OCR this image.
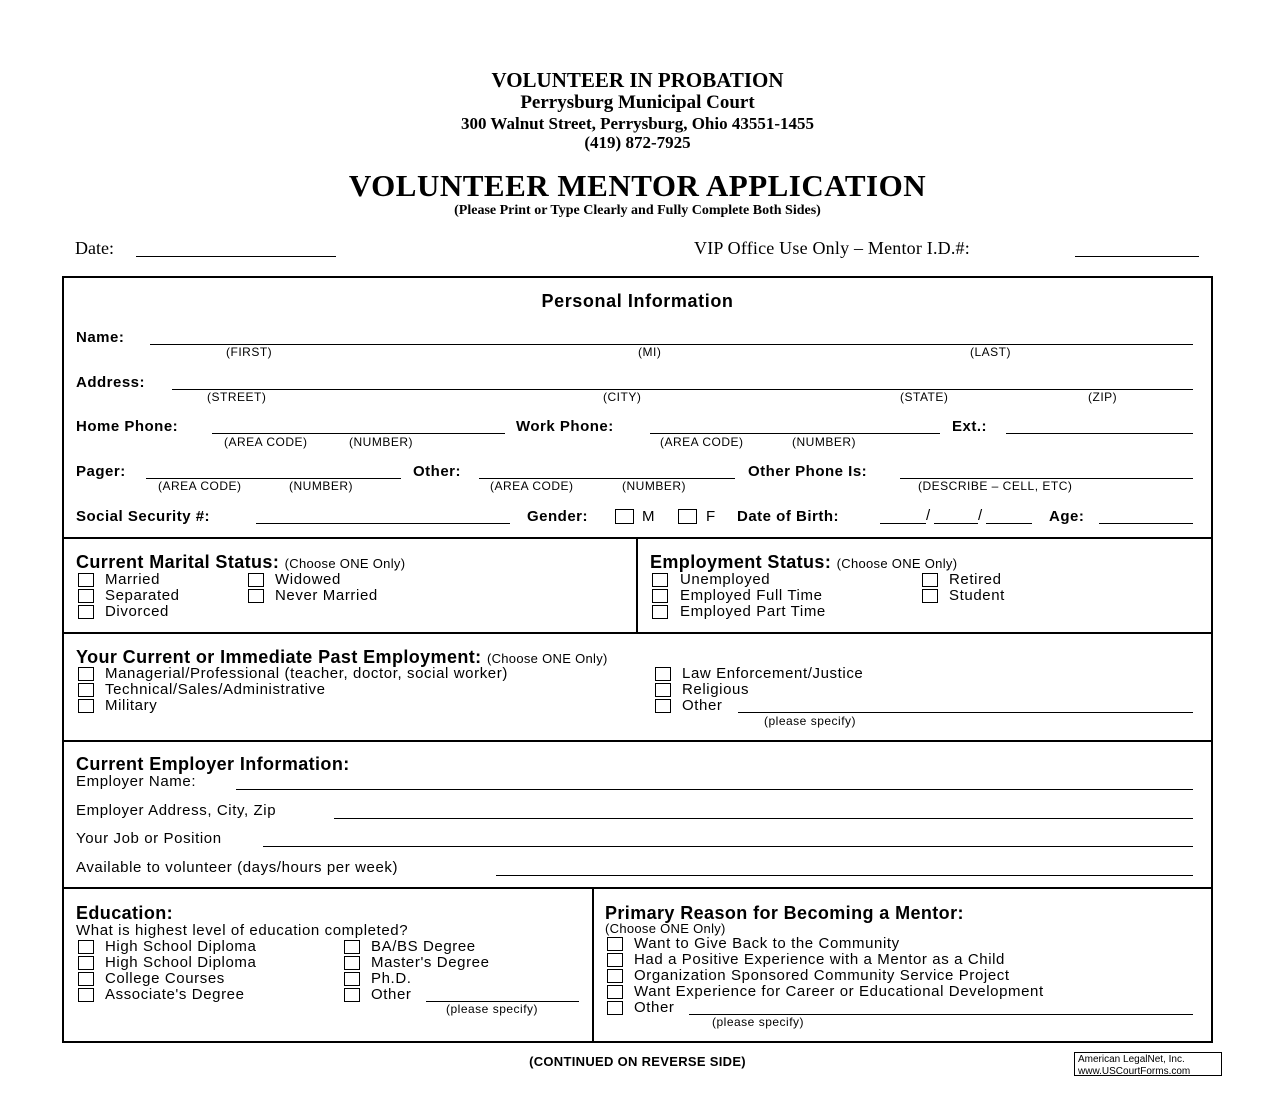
VOLUNTEER IN PROBATION
Perrysburg Municipal Court
300 Walnut Street, Perrysburg, Ohio 43551-1455
(419) 872-7925
VOLUNTEER MENTOR APPLICATION
(Please Print or Type Clearly and Fully Complete Both Sides)
Date:	VIP Office Use Only – Mentor I.D.#:
Personal Information
Name:
(FIRST)	(MI)	(LAST)
Address:
(STREET)	(CITY)	(STATE)	(ZIP)
Home Phone:
(AREA CODE)	(NUMBER)
Work Phone:
(AREA CODE)	(NUMBER)
Ext.:
Pager:
(AREA CODE)	(NUMBER)
Other:
(AREA CODE)	(NUMBER)
Other Phone Is:
(DESCRIBE – CELL, ETC)
Social Security #:	Gender:	M	F Date of Birth:	/	/	Age:
Current Marital Status: (Choose ONE Only)
Married	Widowed
Separated	Never Married
Divorced
Employment Status: (Choose ONE Only)
Unemployed	Retired
Employed Full Time	Student
Employed Part Time
Your Current or Immediate Past Employment: (Choose ONE Only)
Managerial/Professional (teacher, doctor, social worker)	Law Enforcement/Justice
Technical/Sales/Administrative	Religious
Military	Other
(please specify)
Current Employer Information:
Employer Name:
Employer Address, City, Zip
Your Job or Position
Available to volunteer (days/hours per week)
Education:
What is highest level of education completed?
High School Diploma	BA/BS Degree
High School Diploma	Master's Degree
College Courses	Ph.D.
Associate's Degree	Other
(please specify)
Primary Reason for Becoming a Mentor:
(Choose ONE Only)
Want to Give Back to the Community
Had a Positive Experience with a Mentor as a Child
Organization Sponsored Community Service Project
Want Experience for Career or Educational Development
Other
(please specify)
(CONTINUED ON REVERSE SIDE)	American LegalNet, Inc.
www.USCourtForms.com
